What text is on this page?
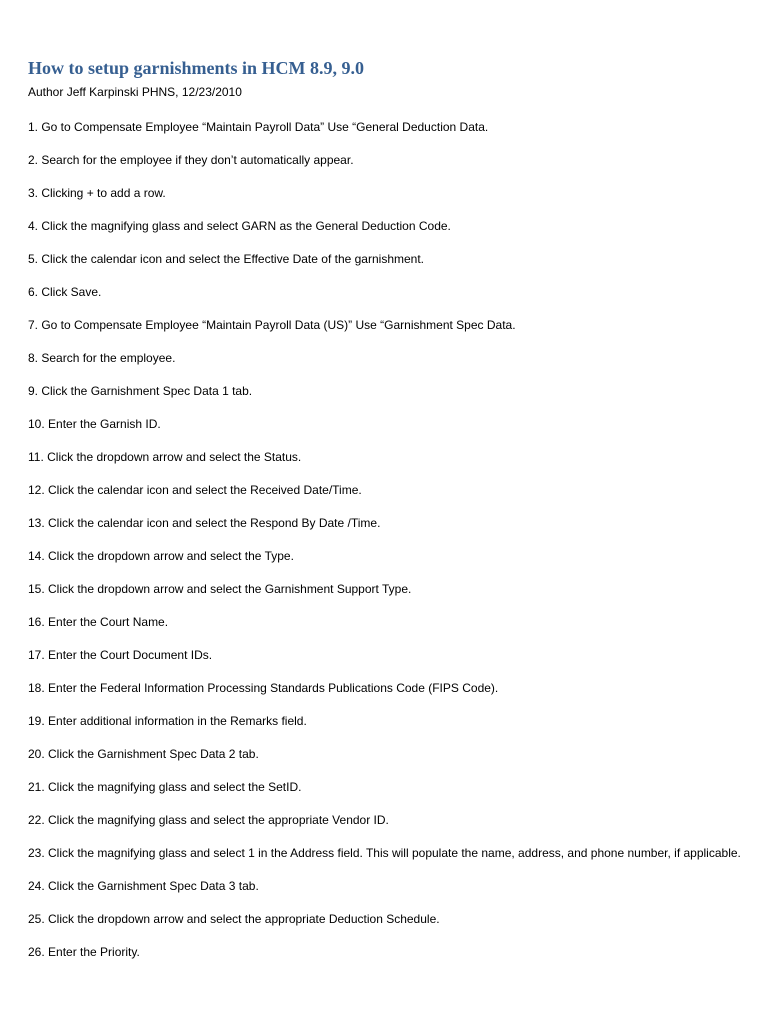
How to setup garnishments in HCM 8.9, 9.0

Author Jeff Karpinski PHNS, 12/23/2010

1. Go to Compensate Employee “Maintain Payroll Data” Use “General Deduction Data.
2. Search for the employee if they don’t automatically appear.
3. Clicking + to add a row.
4. Click the magnifying glass and select GARN as the General Deduction Code.
5. Click the calendar icon and select the Effective Date of the garnishment.
6. Click Save.
7. Go to Compensate Employee “Maintain Payroll Data (US)” Use “Garnishment Spec Data.
8. Search for the employee.
9. Click the Garnishment Spec Data 1 tab.
10. Enter the Garnish ID.
11. Click the dropdown arrow and select the Status.
12. Click the calendar icon and select the Received Date/Time.
13. Click the calendar icon and select the Respond By Date /Time.
14. Click the dropdown arrow and select the Type.
15. Click the dropdown arrow and select the Garnishment Support Type.
16. Enter the Court Name.
17. Enter the Court Document IDs.
18. Enter the Federal Information Processing Standards Publications Code (FIPS Code).
19. Enter additional information in the Remarks field.
20. Click the Garnishment Spec Data 2 tab.
21. Click the magnifying glass and select the SetID.
22. Click the magnifying glass and select the appropriate Vendor ID.
23. Click the magnifying glass and select 1 in the Address field. This will populate the name, address, and phone number, if applicable.
24. Click the Garnishment Spec Data 3 tab.
25. Click the dropdown arrow and select the appropriate Deduction Schedule.
26. Enter the Priority.
